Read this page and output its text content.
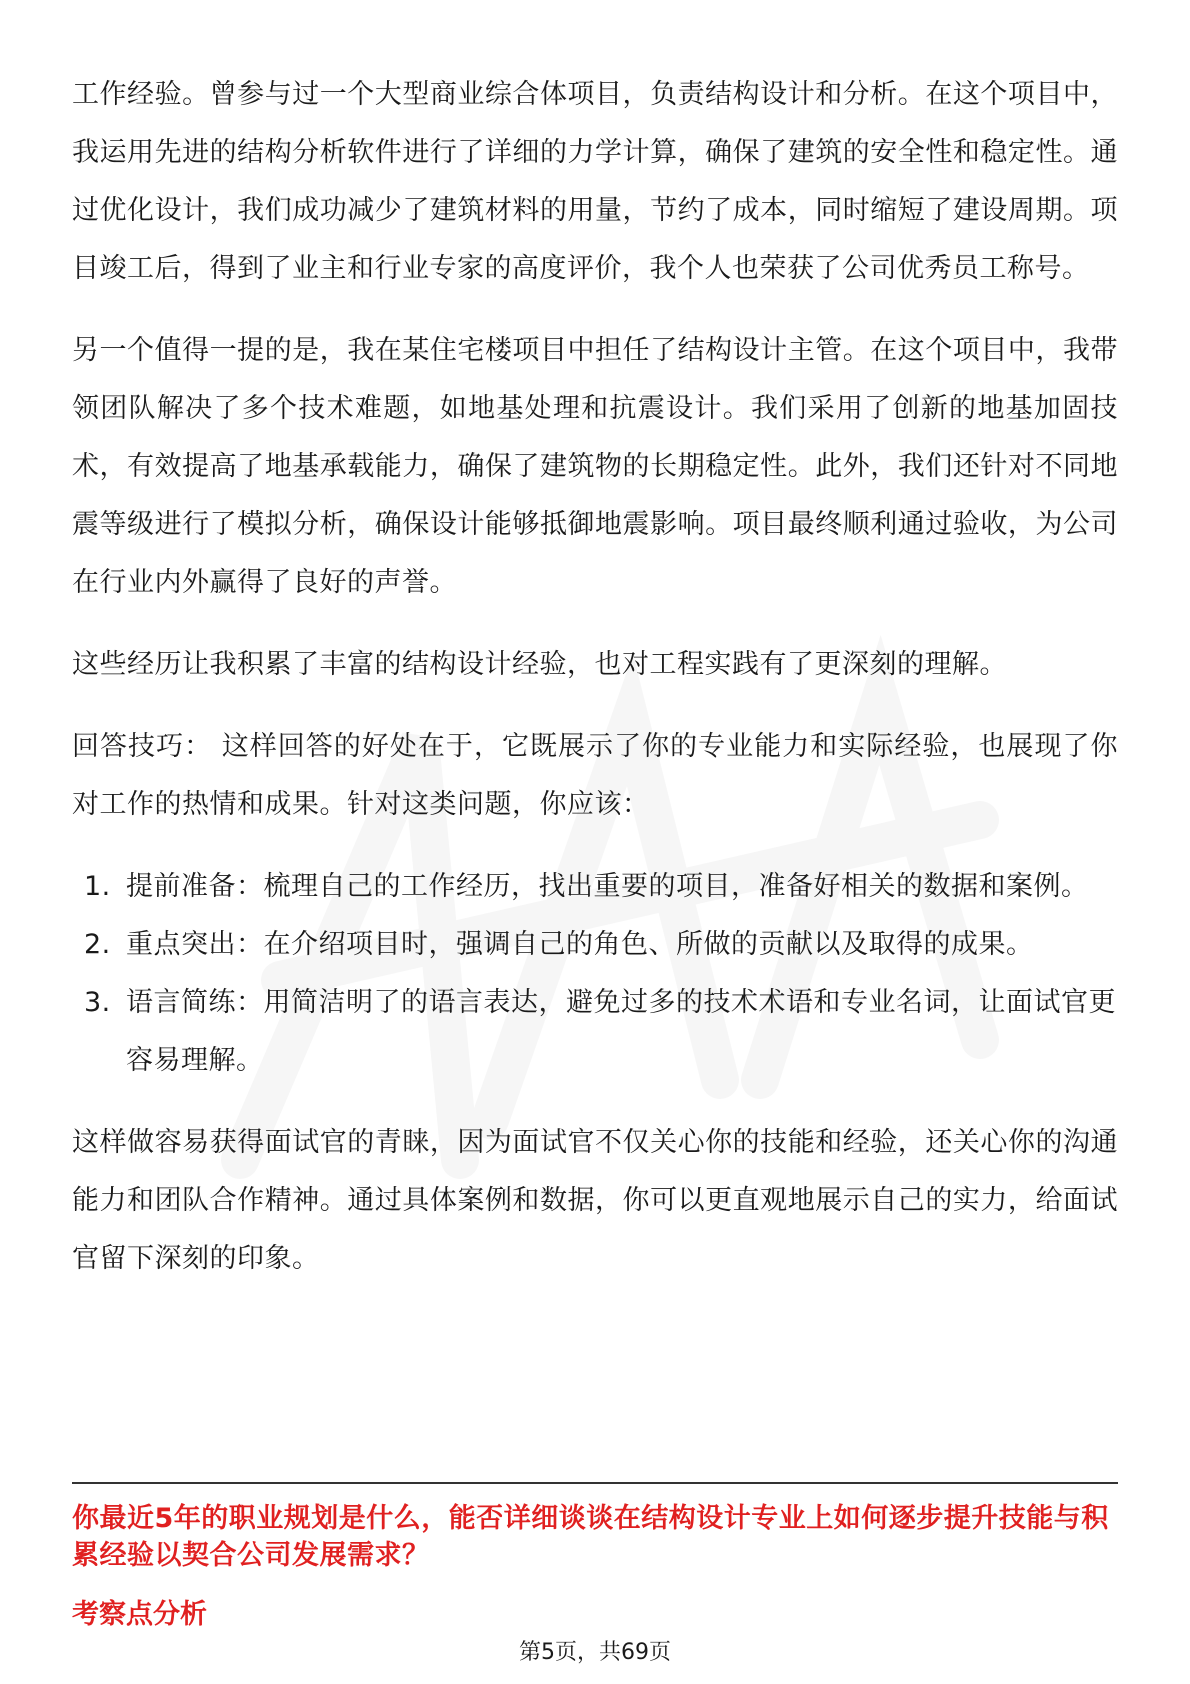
工作经验。曾参与过一个大型商业综合体项目，负责结构设计和分析。在这个项目中，我运用先进的结构分析软件进行了详细的力学计算，确保了建筑的安全性和稳定性。通过优化设计，我们成功减少了建筑材料的用量，节约了成本，同时缩短了建设周期。项目竣工后，得到了业主和行业专家的高度评价，我个人也荣获了公司优秀员工称号。

另一个值得一提的是，我在某住宅楼项目中担任了结构设计主管。在这个项目中，我带领团队解决了多个技术难题，如地基处理和抗震设计。我们采用了创新的地基加固技术，有效提高了地基承载能力，确保了建筑物的长期稳定性。此外，我们还针对不同地震等级进行了模拟分析，确保设计能够抵御地震影响。项目最终顺利通过验收，为公司在行业内外赢得了良好的声誉。

这些经历让我积累了丰富的结构设计经验，也对工程实践有了更深刻的理解。

回答技巧： 这样回答的好处在于，它既展示了你的专业能力和实际经验，也展现了你对工作的热情和成果。针对这类问题，你应该：

1. 提前准备：梳理自己的工作经历，找出重要的项目，准备好相关的数据和案例。
2. 重点突出：在介绍项目时，强调自己的角色、所做的贡献以及取得的成果。
3. 语言简练：用简洁明了的语言表达，避免过多的技术术语和专业名词，让面试官更容易理解。

这样做容易获得面试官的青睐，因为面试官不仅关心你的技能和经验，还关心你的沟通能力和团队合作精神。通过具体案例和数据，你可以更直观地展示自己的实力，给面试官留下深刻的印象。

你最近5年的职业规划是什么，能否详细谈谈在结构设计专业上如何逐步提升技能与积累经验以契合公司发展需求？
考察点分析
第5页，共69页
